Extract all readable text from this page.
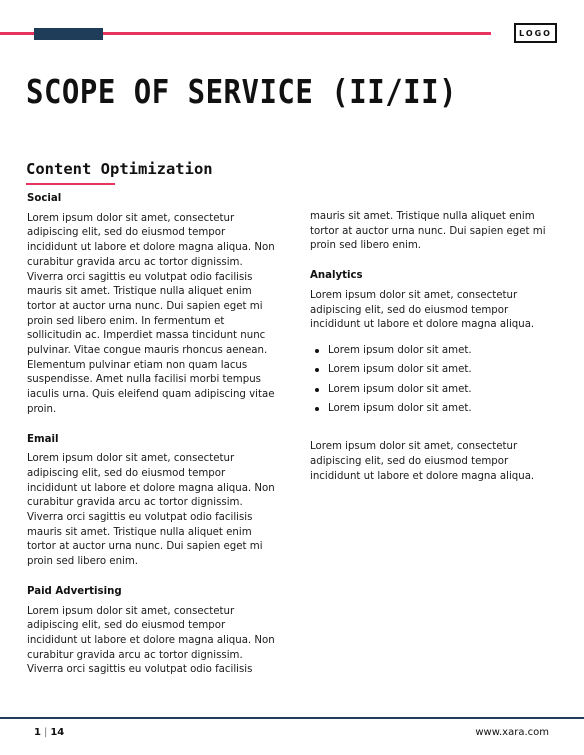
LOGO
SCOPE OF SERVICE (II/II)
Content Optimization
Social

Lorem ipsum dolor sit amet, consectetur adipiscing elit, sed do eiusmod tempor incididunt ut labore et dolore magna aliqua. Non curabitur gravida arcu ac tortor dignissim. Viverra orci sagittis eu volutpat odio facilisis mauris sit amet. Tristique nulla aliquet enim tortor at auctor urna nunc. Dui sapien eget mi proin sed libero enim. In fermentum et sollicitudin ac. Imperdiet massa tincidunt nunc pulvinar. Vitae congue mauris rhoncus aenean. Elementum pulvinar etiam non quam lacus suspendisse. Amet nulla facilisi morbi tempus iaculis urna. Quis eleifend quam adipiscing vitae proin.

Email

Lorem ipsum dolor sit amet, consectetur adipiscing elit, sed do eiusmod tempor incididunt ut labore et dolore magna aliqua. Non curabitur gravida arcu ac tortor dignissim. Viverra orci sagittis eu volutpat odio facilisis mauris sit amet. Tristique nulla aliquet enim tortor at auctor urna nunc. Dui sapien eget mi proin sed libero enim.

Paid Advertising

Lorem ipsum dolor sit amet, consectetur adipiscing elit, sed do eiusmod tempor incididunt ut labore et dolore magna aliqua. Non curabitur gravida arcu ac tortor dignissim. Viverra orci sagittis eu volutpat odio facilisis

mauris sit amet. Tristique nulla aliquet enim tortor at auctor urna nunc. Dui sapien eget mi proin sed libero enim.

Analytics

Lorem ipsum dolor sit amet, consectetur adipiscing elit, sed do eiusmod tempor incididunt ut labore et dolore magna aliqua.

Lorem ipsum dolor sit amet.
Lorem ipsum dolor sit amet.
Lorem ipsum dolor sit amet.
Lorem ipsum dolor sit amet.

Lorem ipsum dolor sit amet, consectetur adipiscing elit, sed do eiusmod tempor incididunt ut labore et dolore magna aliqua.

1 | 14	www.xara.com
